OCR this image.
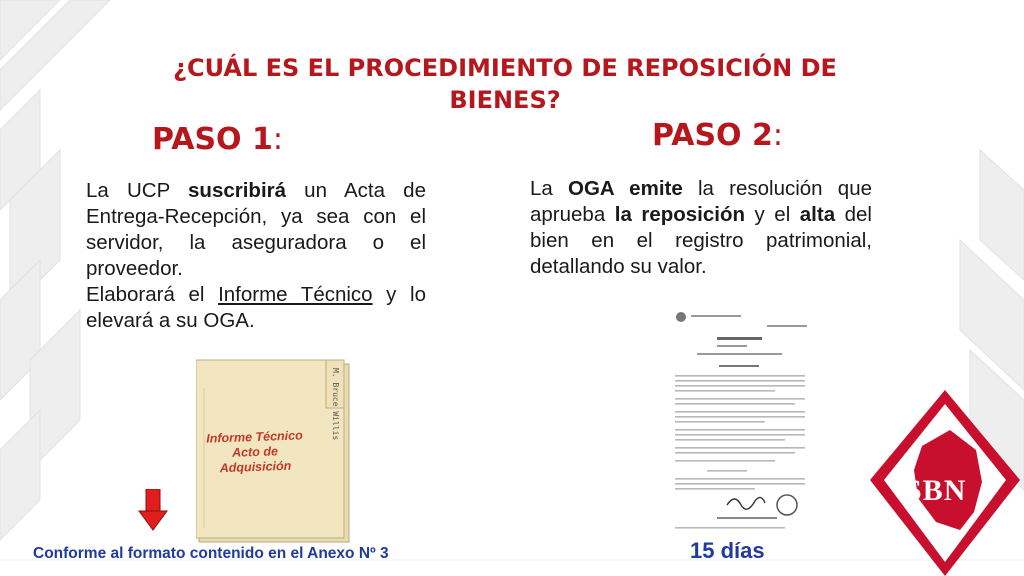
¿CUÁL ES EL PROCEDIMIENTO DE REPOSICIÓN DE BIENES?
PASO 1:	PASO 2:

La UCP suscribirá un Acta de Entrega-Recepción, ya sea con el servidor, la aseguradora o el proveedor.
Elaborará el Informe Técnico y lo elevará a su OGA.

La OGA emite la resolución que aprueba la reposición y el alta del bien en el registro patrimonial, detallando su valor.

M. Bruce Willis
Informe Técnico
Acto de
Adquisición
SBN

Conforme al formato contenido en el Anexo Nº 3	15 días
